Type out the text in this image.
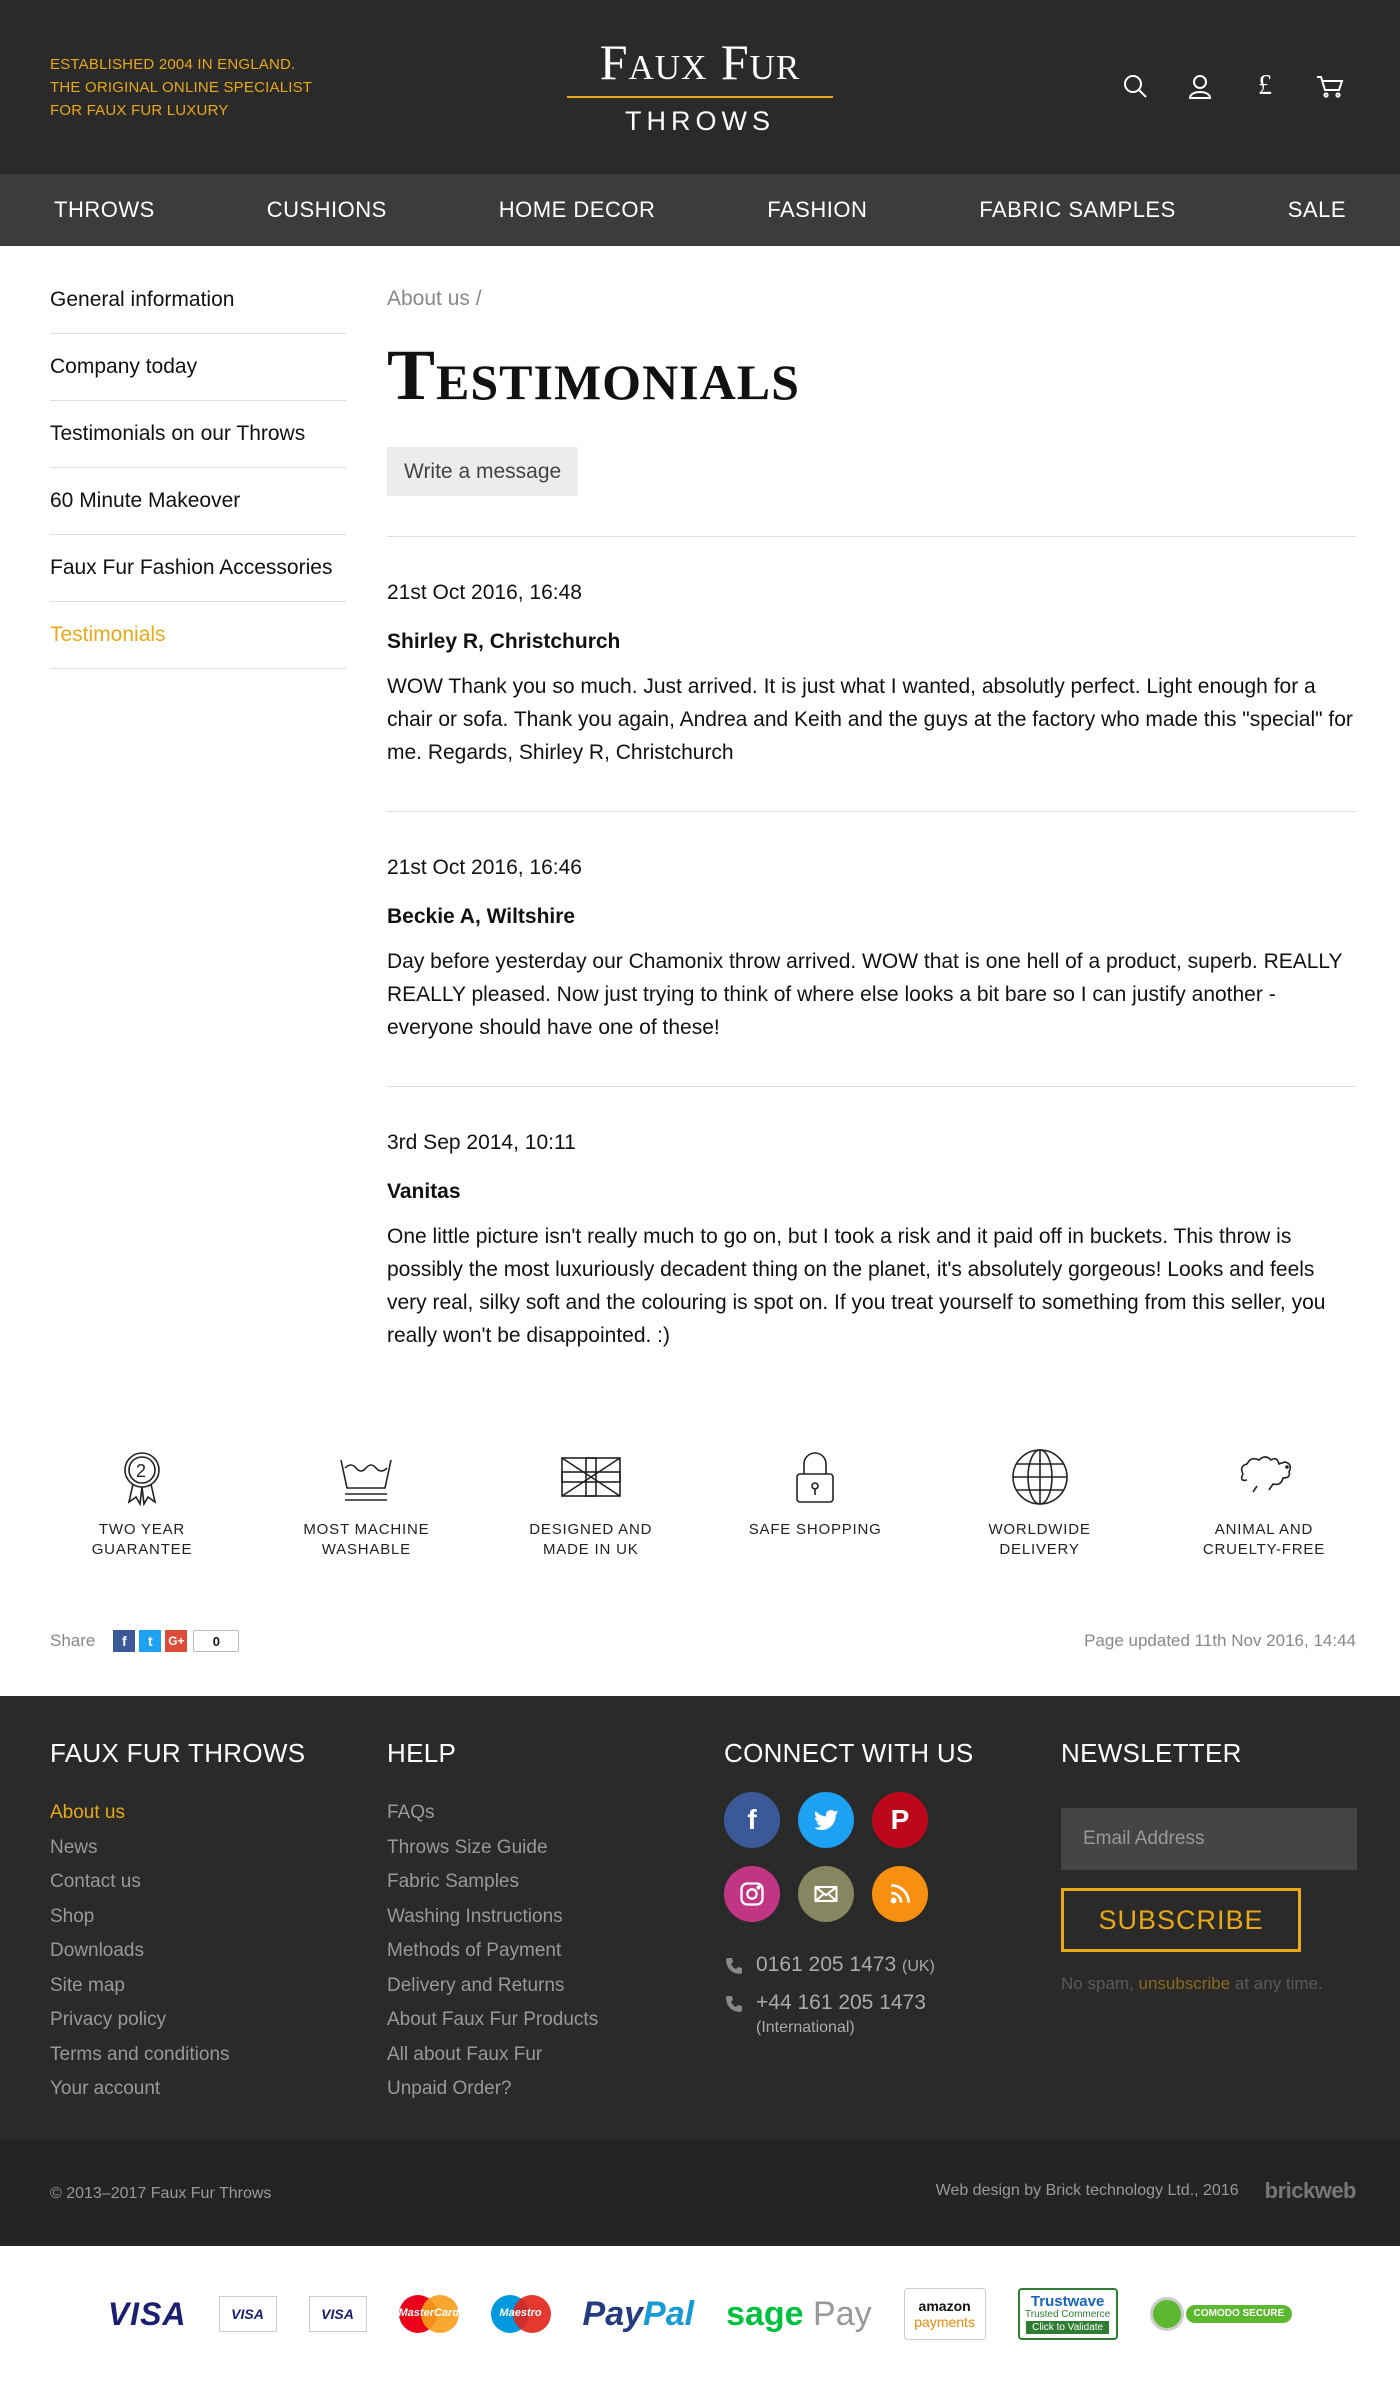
ESTABLISHED 2004 IN ENGLAND.
THE ORIGINAL ONLINE SPECIALIST
FOR FAUX FUR LUXURY
Faux Fur
THROWS
£
THROWS	CUSHIONS	HOME DECOR	FASHION	FABRIC SAMPLES	SALE
General information
Company today
Testimonials on our Throws
60 Minute Makeover
Faux Fur Fashion Accessories
Testimonials
About us /
Testimonials
Write a message
21st Oct 2016, 16:48
Shirley R, Christchurch
WOW Thank you so much. Just arrived. It is just what I wanted, absolutly perfect. Light enough for a chair or sofa. Thank you again, Andrea and Keith and the guys at the factory who made this "special" for me. Regards, Shirley R, Christchurch
21st Oct 2016, 16:46
Beckie A, Wiltshire
Day before yesterday our Chamonix throw arrived. WOW that is one hell of a product, superb. REALLY REALLY pleased. Now just trying to think of where else looks a bit bare so I can justify another - everyone should have one of these!
3rd Sep 2014, 10:11
Vanitas
One little picture isn't really much to go on, but I took a risk and it paid off in buckets. This throw is possibly the most luxuriously decadent thing on the planet, it's absolutely gorgeous! Looks and feels very real, silky soft and the colouring is spot on. If you treat yourself to something from this seller, you really won't be disappointed. :)
2
TWO YEAR
GUARANTEE
MOST MACHINE
WASHABLE
DESIGNED AND
MADE IN UK
SAFE SHOPPING	WORLDWIDE
DELIVERY
ANIMAL AND
CRUELTY-FREE
Share	f	t	G+	0	Page updated 11th Nov 2016, 14:44
FAUX FUR THROWS
About us
News
Contact us
Shop
Downloads
Site map
Privacy policy
Terms and conditions
Your account
HELP
FAQs
Throws Size Guide
Fabric Samples
Washing Instructions
Methods of Payment
Delivery and Returns
About Faux Fur Products
All about Faux Fur
Unpaid Order?
CONNECT WITH US
f	P
0161 205 1473 (UK)
+44 161 205 1473
(International)
NEWSLETTER
Email Address SUBSCRIBE
No spam, unsubscribe at any time.
© 2013–2017 Faux Fur Throws	Web design by Brick technology Ltd., 2016 brickweb
VISA	VISA	VISA	MasterCard	Maestro Pay Pal sage
Pay	amazon
payments
Trustwave
Trusted Commerce
Click to Validate
COMODO SECURE
